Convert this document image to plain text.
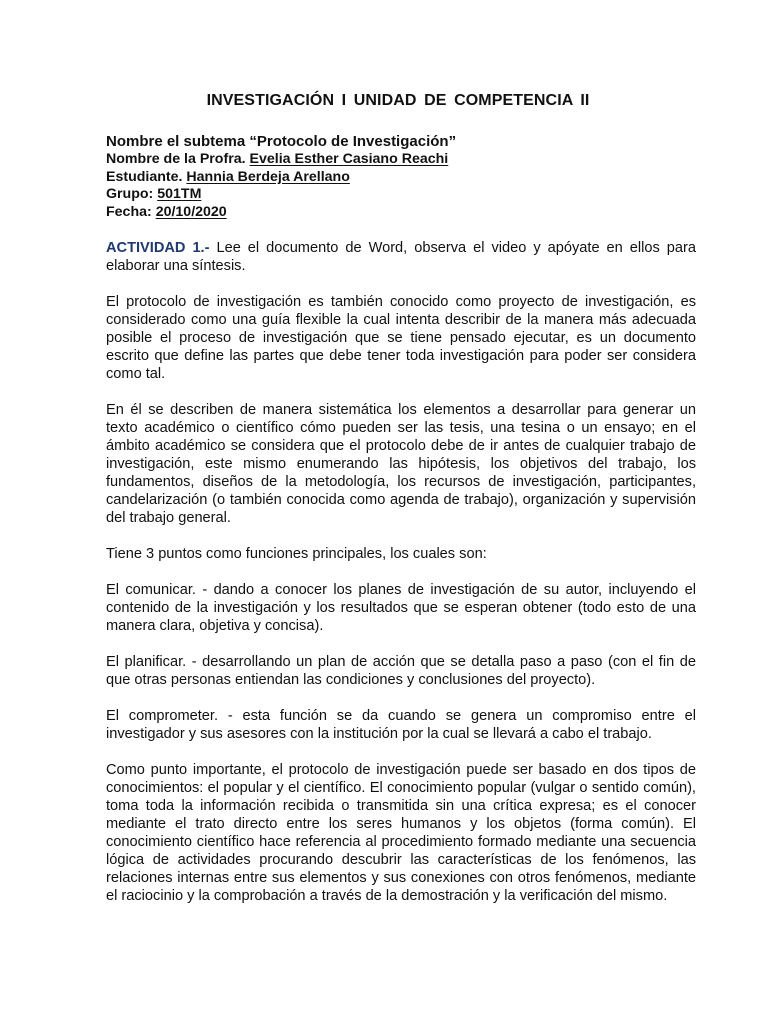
INVESTIGACIÓN I UNIDAD DE COMPETENCIA II
Nombre el subtema “Protocolo de Investigación”
Nombre de la Profra. Evelia Esther Casiano Reachi
Estudiante. Hannia Berdeja Arellano
Grupo: 501TM
Fecha: 20/10/2020

ACTIVIDAD 1.- Lee el documento de Word, observa el video y apóyate en ellos para elaborar una síntesis.

El protocolo de investigación es también conocido como proyecto de investigación, es considerado como una guía flexible la cual intenta describir de la manera más adecuada posible el proceso de investigación que se tiene pensado ejecutar, es un documento escrito que define las partes que debe tener toda investigación para poder ser considera como tal.

En él se describen de manera sistemática los elementos a desarrollar para generar un texto académico o científico cómo pueden ser las tesis, una tesina o un ensayo; en el ámbito académico se considera que el protocolo debe de ir antes de cualquier trabajo de investigación, este mismo enumerando las hipótesis, los objetivos del trabajo, los fundamentos, diseños de la metodología, los recursos de investigación, participantes, candelarización (o también conocida como agenda de trabajo), organización y supervisión del trabajo general.

Tiene 3 puntos como funciones principales, los cuales son:

El comunicar. - dando a conocer los planes de investigación de su autor, incluyendo el contenido de la investigación y los resultados que se esperan obtener (todo esto de una manera clara, objetiva y concisa).

El planificar. - desarrollando un plan de acción que se detalla paso a paso (con el fin de que otras personas entiendan las condiciones y conclusiones del proyecto).

El comprometer. - esta función se da cuando se genera un compromiso entre el investigador y sus asesores con la institución por la cual se llevará a cabo el trabajo.

Como punto importante, el protocolo de investigación puede ser basado en dos tipos de conocimientos: el popular y el científico. El conocimiento popular (vulgar o sentido común), toma toda la información recibida o transmitida sin una crítica expresa; es el conocer mediante el trato directo entre los seres humanos y los objetos (forma común). El conocimiento científico hace referencia al procedimiento formado mediante una secuencia lógica de actividades procurando descubrir las características de los fenómenos, las relaciones internas entre sus elementos y sus conexiones con otros fenómenos, mediante el raciocinio y la comprobación a través de la demostración y la verificación del mismo.
